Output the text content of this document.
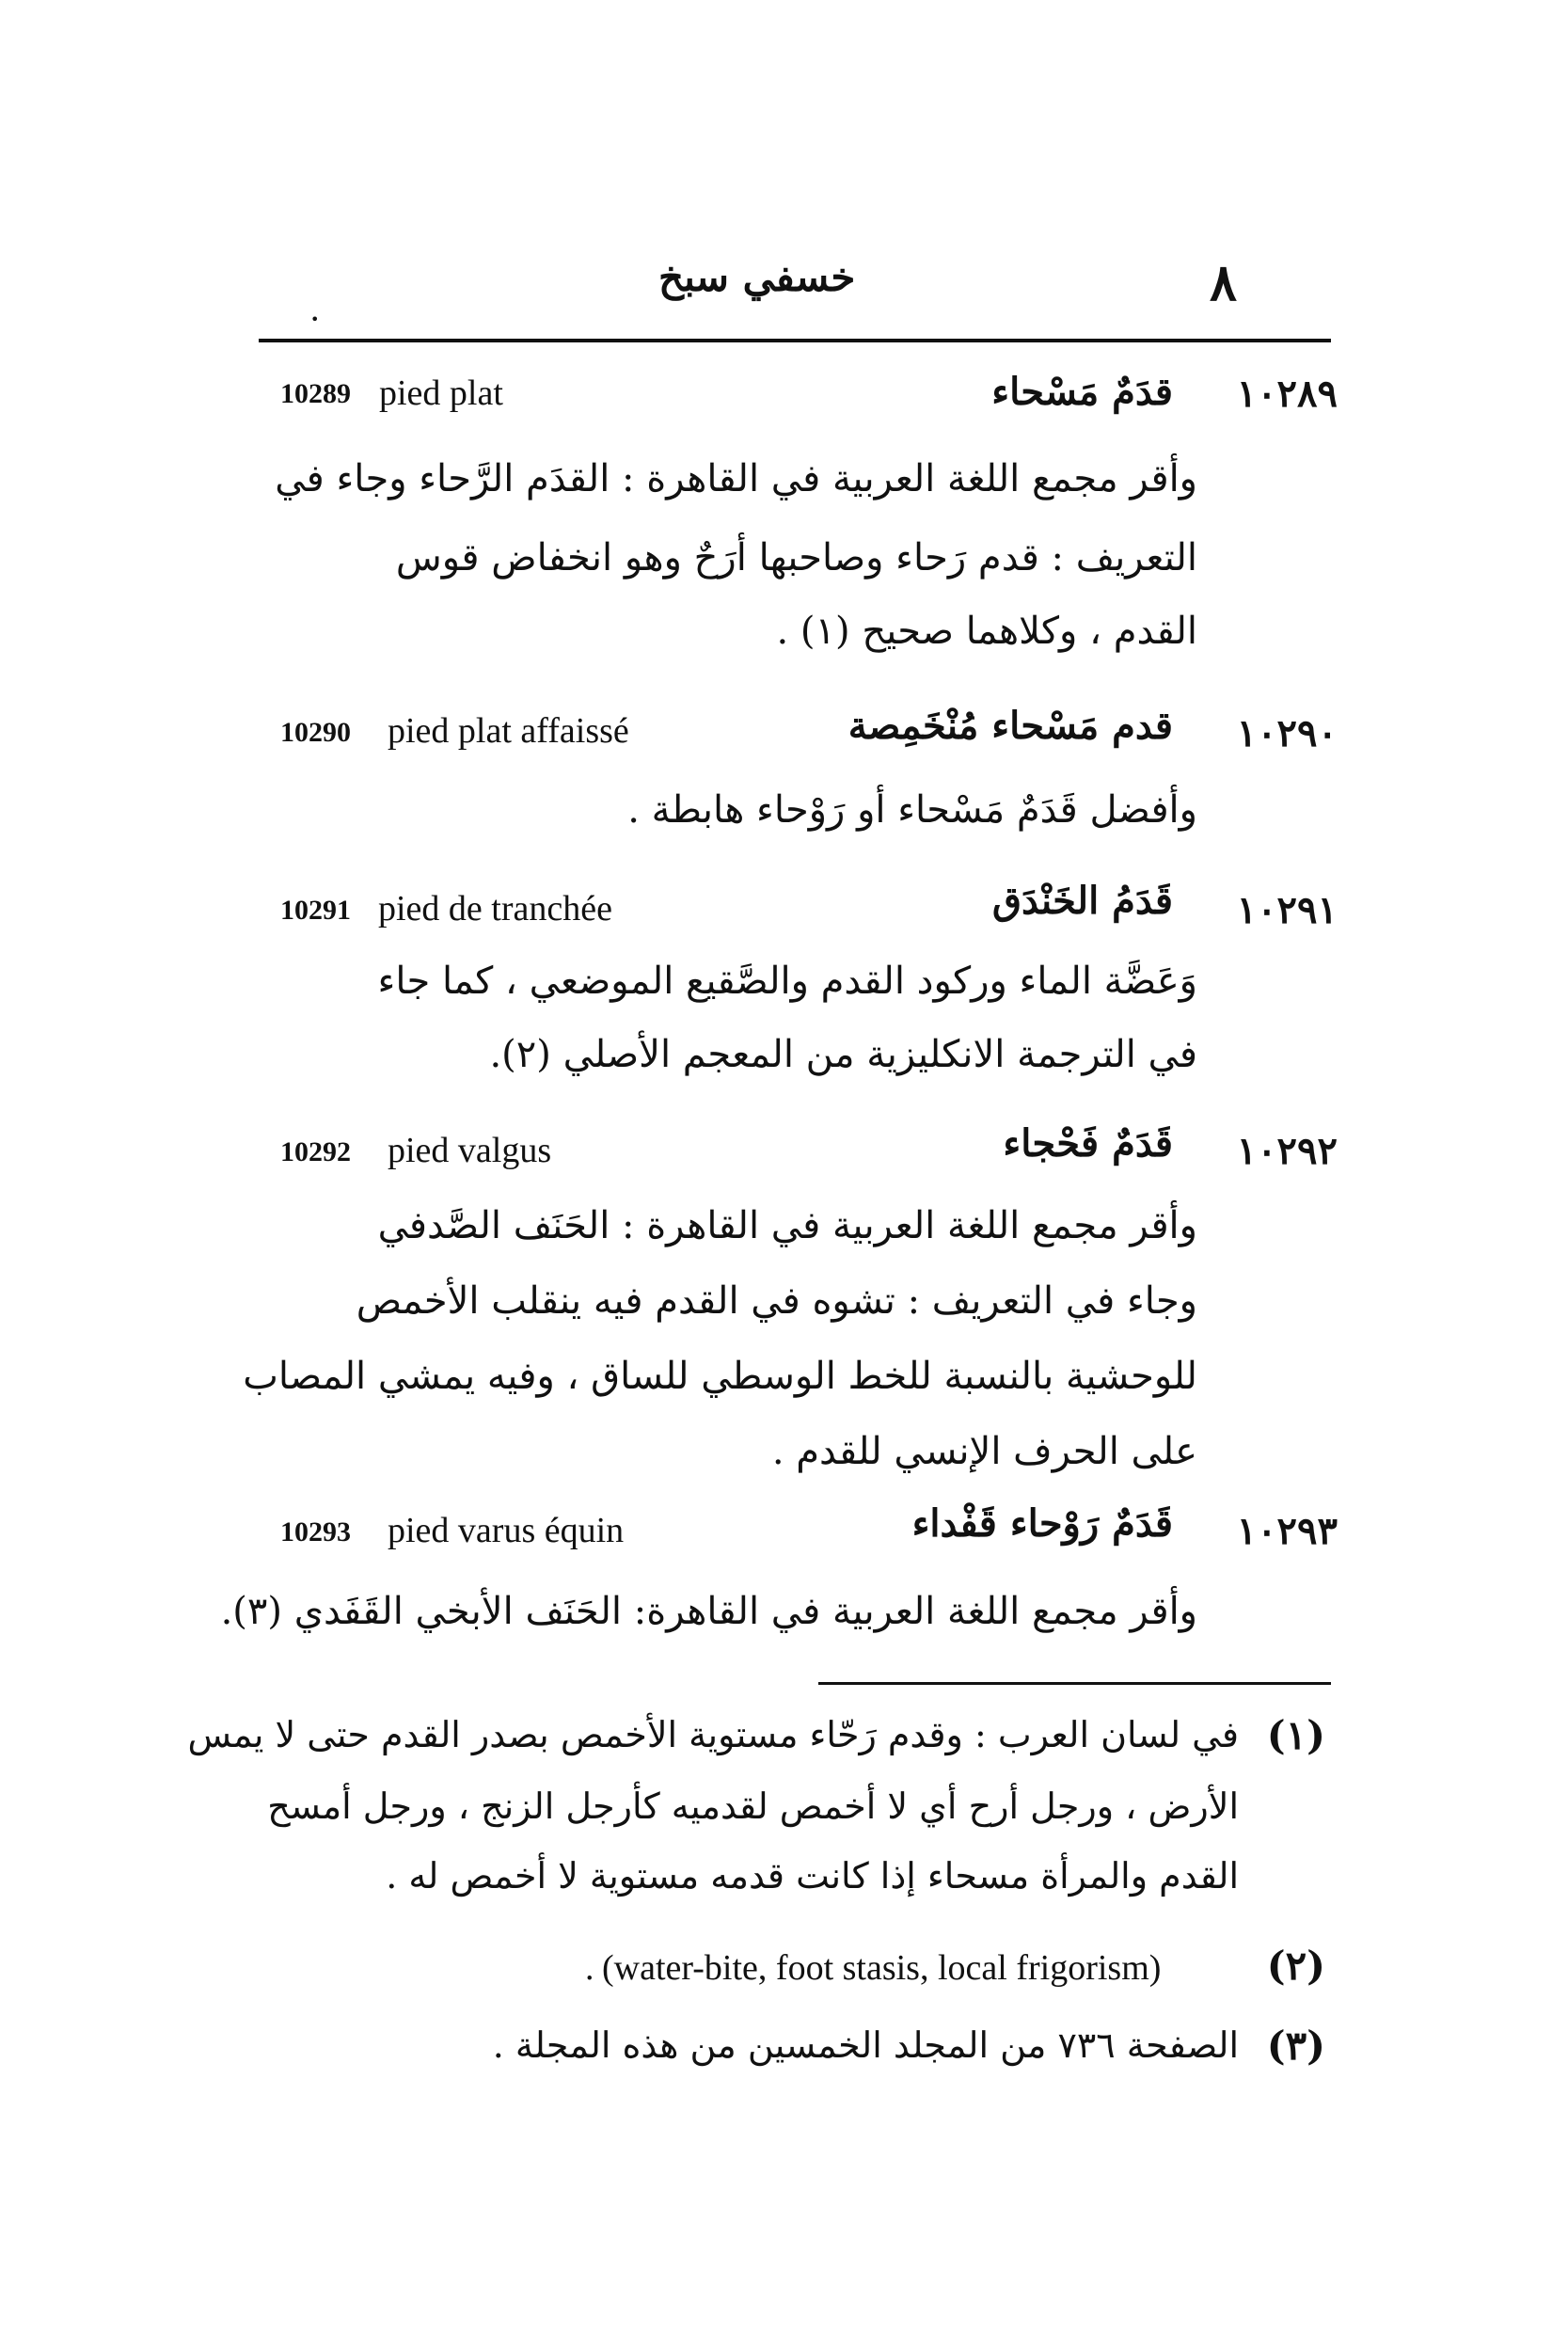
٨
خسفي سبخ
•
١٠٢٨٩
قدَمٌ مَسْحاء
10289 pied plat
وأقر مجمع اللغة العربية في القاهرة : القدَم الرَّحاء وجاء في
التعريف : قدم رَحاء وصاحبها أرَحٌ وهو انخفاض قوس
القدم ، وكلاهما صحيح (١) .
١٠٢٩٠
قدم مَسْحاء مُنْخَمِصة
10290 pied plat affaissé
وأفضل قَدَمٌ مَسْحاء أو رَوْحاء هابطة .
١٠٢٩١
قَدَمُ الخَنْدَق
10291 pied de tranchée
وَعَضَّة الماء وركود القدم والصَّقيع الموضعي ، كما جاء
في الترجمة الانكليزية من المعجم الأصلي (٢).
١٠٢٩٢
قَدَمٌ فَحْجاء
10292 pied valgus
وأقر مجمع اللغة العربية في القاهرة : الحَنَف الصَّدفي
وجاء في التعريف : تشوه في القدم فيه ينقلب الأخمص
للوحشية بالنسبة للخط الوسطي للساق ، وفيه يمشي المصاب
على الحرف الإنسي للقدم .
١٠٢٩٣
قَدَمٌ رَوْحاء قَفْداء
10293 pied varus équin
وأقر مجمع اللغة العربية في القاهرة: الحَنَف الأبخي القَفَدي (٣).
(١)
في لسان العرب : وقدم رَحّاء مستوية الأخمص بصدر القدم حتى لا يمس
الأرض ، ورجل أرح أي لا أخمص لقدميه كأرجل الزنج ، ورجل أمسح
القدم والمرأة مسحاء إذا كانت قدمه مستوية لا أخمص له .
(٢)
(water-bite, foot stasis, local frigorism)
.
(٣)
الصفحة ٧٣٦ من المجلد الخمسين من هذه المجلة .
